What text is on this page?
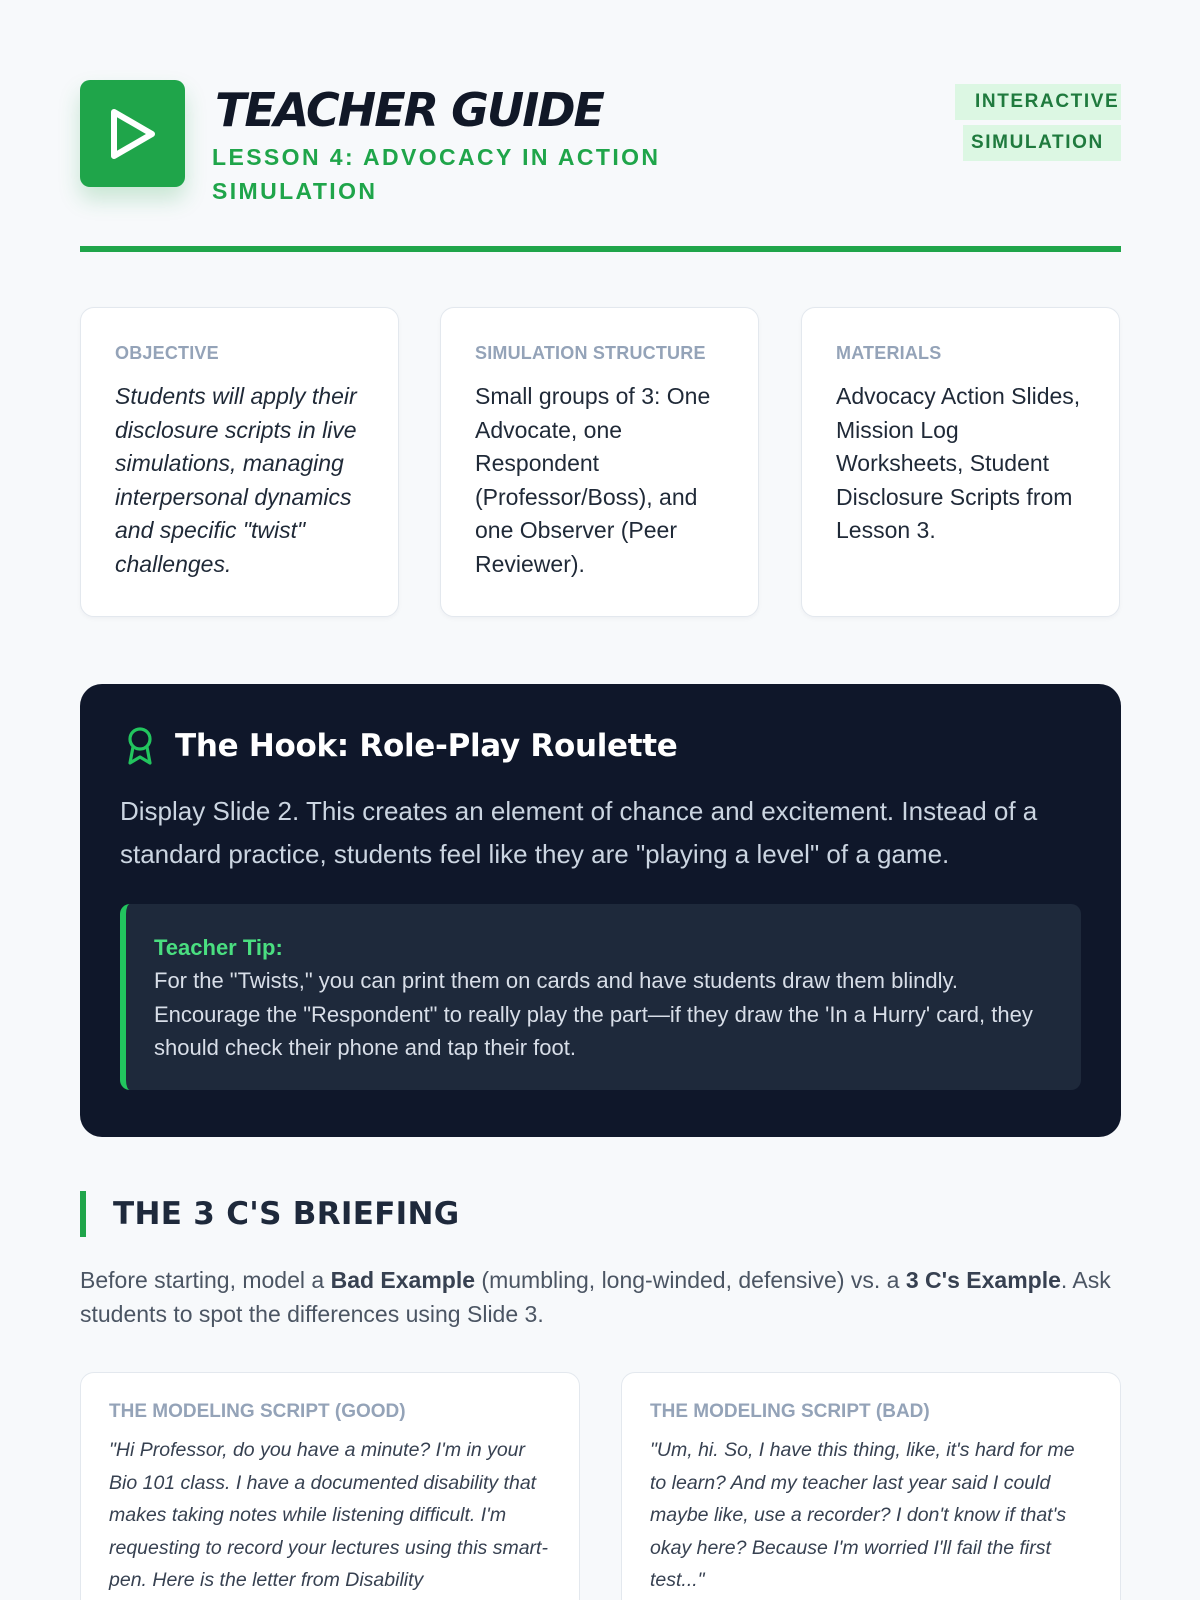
TEACHER GUIDE
LESSON 4: ADVOCACY IN ACTION SIMULATION
INTERACTIVE
SIMULATION
OBJECTIVE
Students will apply their disclosure scripts in live simulations, managing interpersonal dynamics and specific "twist" challenges.
SIMULATION STRUCTURE
Small groups of 3: One Advocate, one Respondent (Professor/Boss), and one Observer (Peer Reviewer).
MATERIALS
Advocacy Action Slides, Mission Log Worksheets, Student Disclosure Scripts from Lesson 3.
The Hook: Role-Play Roulette
Display Slide 2. This creates an element of chance and excitement. Instead of a standard practice, students feel like they are "playing a level" of a game.
Teacher Tip:
For the "Twists," you can print them on cards and have students draw them blindly. Encourage the "Respondent" to really play the part—if they draw the 'In a Hurry' card, they should check their phone and tap their foot.
THE 3 C'S BRIEFING
Before starting, model a Bad Example (mumbling, long-winded, defensive) vs. a 3 C's Example. Ask students to spot the differences using Slide 3.
THE MODELING SCRIPT (GOOD)
"Hi Professor, do you have a minute? I'm in your Bio 101 class. I have a documented disability that makes taking notes while listening difficult. I'm requesting to record your lectures using this smart-pen. Here is the letter from Disability
THE MODELING SCRIPT (BAD)
"Um, hi. So, I have this thing, like, it's hard for me to learn? And my teacher last year said I could maybe like, use a recorder? I don't know if that's okay here? Because I'm worried I'll fail the first test..."
